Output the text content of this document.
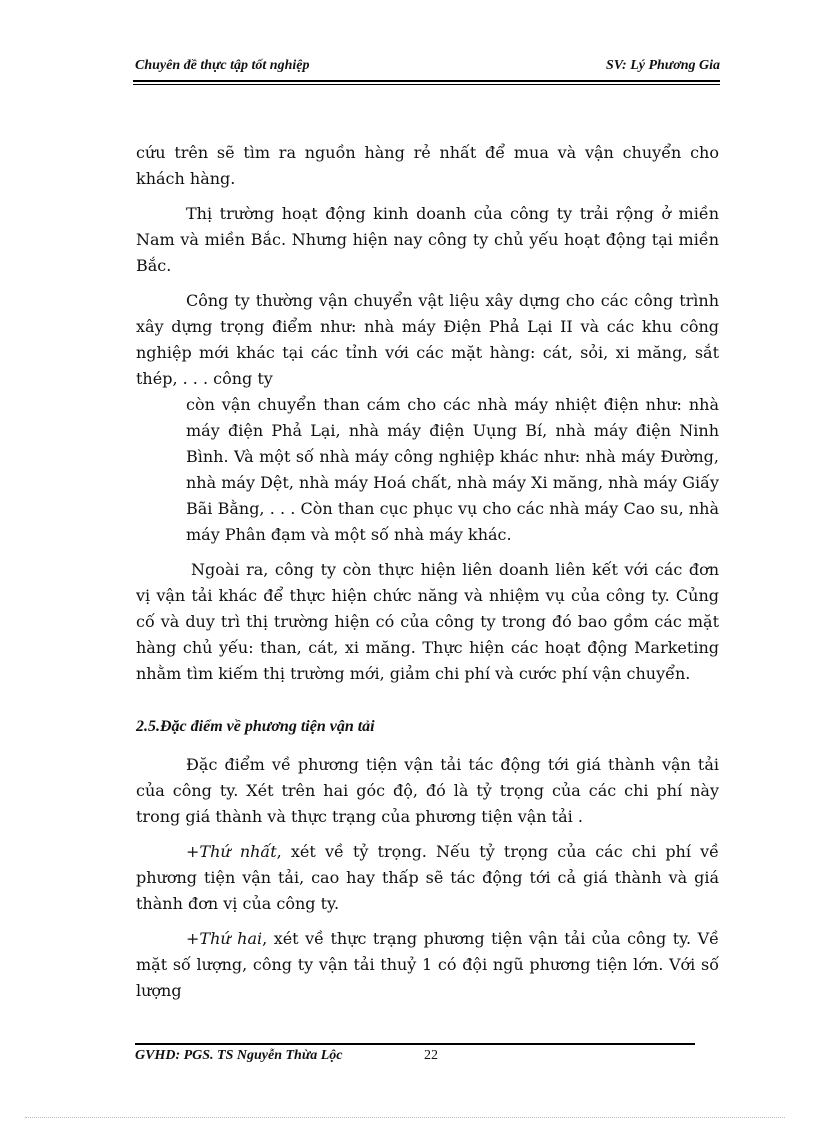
Chuyên đề thực tập tốt nghiệp	SV: Lý Phương Gia

cứu trên sẽ tìm ra nguồn hàng rẻ nhất để mua và vận chuyển cho khách hàng.

Thị trường hoạt động kinh doanh của công ty trải rộng ở miền Nam và miền Bắc. Nhưng hiện nay công ty chủ yếu hoạt động tại miền Bắc.

Công ty thường vận chuyển vật liệu xây dựng cho các công trình xây dựng trọng điểm như: nhà máy Điện Phả Lại II và các khu công nghiệp mới khác tại các tỉnh với các mặt hàng: cát, sỏi, xi măng, sắt thép, . . . công ty

còn vận chuyển than cám cho các nhà máy nhiệt điện như: nhà máy điện Phả Lại, nhà máy điện Uụng Bí, nhà máy điện Ninh Bình. Và một số nhà máy công nghiệp khác như: nhà máy Đường, nhà máy Dệt, nhà máy Hoá chất, nhà máy Xi măng, nhà máy Giấy Bãi Bằng, . . . Còn than cục phục vụ cho các nhà máy Cao su, nhà máy Phân đạm và một số nhà máy khác.

Ngoài ra, công ty còn thực hiện liên doanh liên kết với các đơn vị vận tải khác để thực hiện chức năng và nhiệm vụ của công ty. Củng cố và duy trì thị trường hiện có của công ty trong đó bao gồm các mặt hàng chủ yếu: than, cát, xi măng. Thực hiện các hoạt động Marketing nhằm tìm kiếm thị trường mới, giảm chi phí và cước phí vận chuyển.

2.5.Đặc điểm về phương tiện vận tải

Đặc điểm về phương tiện vận tải tác động tới giá thành vận tải của công ty. Xét trên hai góc độ, đó là tỷ trọng của các chi phí này trong giá thành và thực trạng của phương tiện vận tải .

+Thứ nhất, xét về tỷ trọng. Nếu tỷ trọng của các chi phí về phương tiện vận tải, cao hay thấp sẽ tác động tới cả giá thành và giá thành đơn vị của công ty.

+Thứ hai, xét về thực trạng phương tiện vận tải của công ty. Về mặt số lượng, công ty vận tải thuỷ 1 có đội ngũ phương tiện lớn. Với số lượng

GVHD: PGS. TS Nguyễn Thừa Lộc	22
